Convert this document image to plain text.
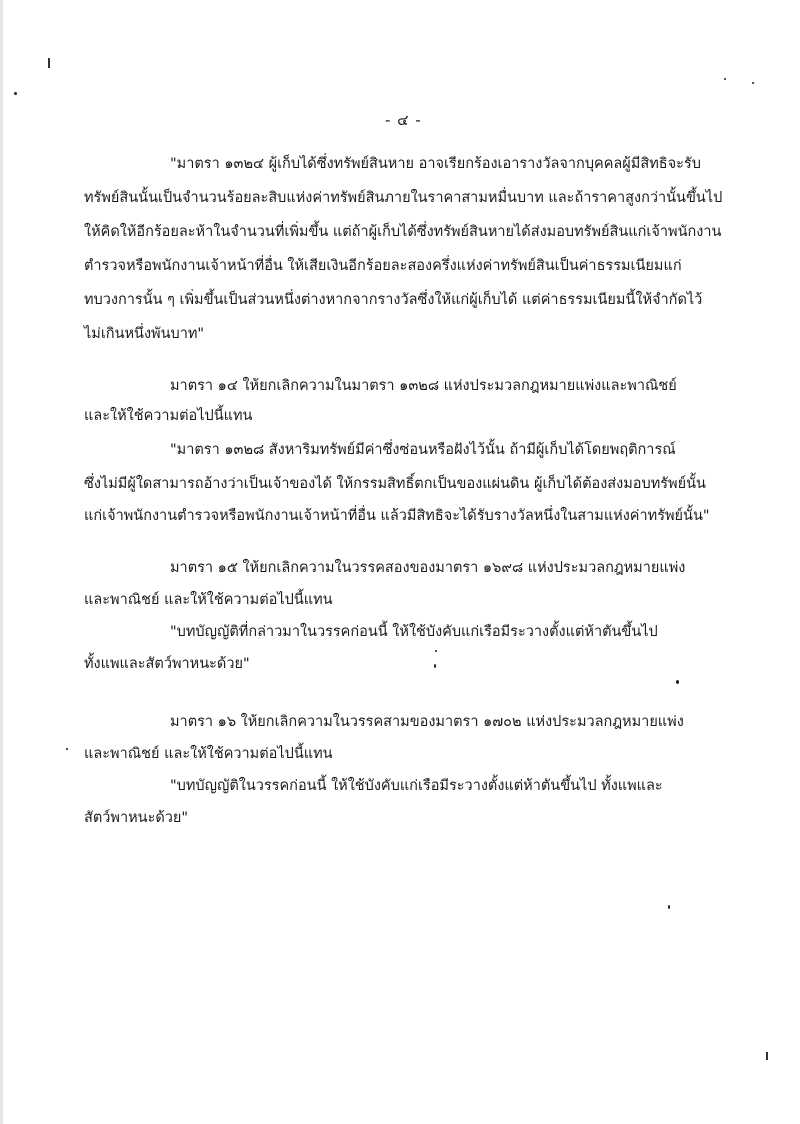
- ๔ -
"มาตรา ๑๓๒๔ ผู้เก็บได้ซึ่งทรัพย์สินหาย อาจเรียกร้องเอารางวัลจากบุคคลผู้มีสิทธิจะรับ
ทรัพย์สินนั้นเป็นจำนวนร้อยละสิบแห่งค่าทรัพย์สินภายในราคาสามหมื่นบาท และถ้าราคาสูงกว่านั้นขึ้นไป
ให้คิดให้อีกร้อยละห้าในจำนวนที่เพิ่มขึ้น แต่ถ้าผู้เก็บได้ซึ่งทรัพย์สินหายได้ส่งมอบทรัพย์สินแก่เจ้าพนักงาน
ตำรวจหรือพนักงานเจ้าหน้าที่อื่น ให้เสียเงินอีกร้อยละสองครึ่งแห่งค่าทรัพย์สินเป็นค่าธรรมเนียมแก่
ทบวงการนั้น ๆ เพิ่มขึ้นเป็นส่วนหนึ่งต่างหากจากรางวัลซึ่งให้แก่ผู้เก็บได้ แต่ค่าธรรมเนียมนี้ให้จำกัดไว้
ไม่เกินหนึ่งพันบาท"
มาตรา ๑๔ ให้ยกเลิกความในมาตรา ๑๓๒๘ แห่งประมวลกฎหมายแพ่งและพาณิชย์
และให้ใช้ความต่อไปนี้แทน
"มาตรา ๑๓๒๘ สังหาริมทรัพย์มีค่าซึ่งซ่อนหรือฝังไว้นั้น ถ้ามีผู้เก็บได้โดยพฤติการณ์
ซึ่งไม่มีผู้ใดสามารถอ้างว่าเป็นเจ้าของได้ ให้กรรมสิทธิ์ตกเป็นของแผ่นดิน ผู้เก็บได้ต้องส่งมอบทรัพย์นั้น
แก่เจ้าพนักงานตำรวจหรือพนักงานเจ้าหน้าที่อื่น แล้วมีสิทธิจะได้รับรางวัลหนึ่งในสามแห่งค่าทรัพย์นั้น"
มาตรา ๑๕ ให้ยกเลิกความในวรรคสองของมาตรา ๑๖๙๘ แห่งประมวลกฎหมายแพ่ง
และพาณิชย์ และให้ใช้ความต่อไปนี้แทน
"บทบัญญัติที่กล่าวมาในวรรคก่อนนี้ ให้ใช้บังคับแก่เรือมีระวางตั้งแต่ห้าตันขึ้นไป
ทั้งแพและสัตว์พาหนะด้วย"
มาตรา ๑๖ ให้ยกเลิกความในวรรคสามของมาตรา ๑๗๐๒ แห่งประมวลกฎหมายแพ่ง
และพาณิชย์ และให้ใช้ความต่อไปนี้แทน
"บทบัญญัติในวรรคก่อนนี้ ให้ใช้บังคับแก่เรือมีระวางตั้งแต่ห้าตันขึ้นไป ทั้งแพและ
สัตว์พาหนะด้วย"
